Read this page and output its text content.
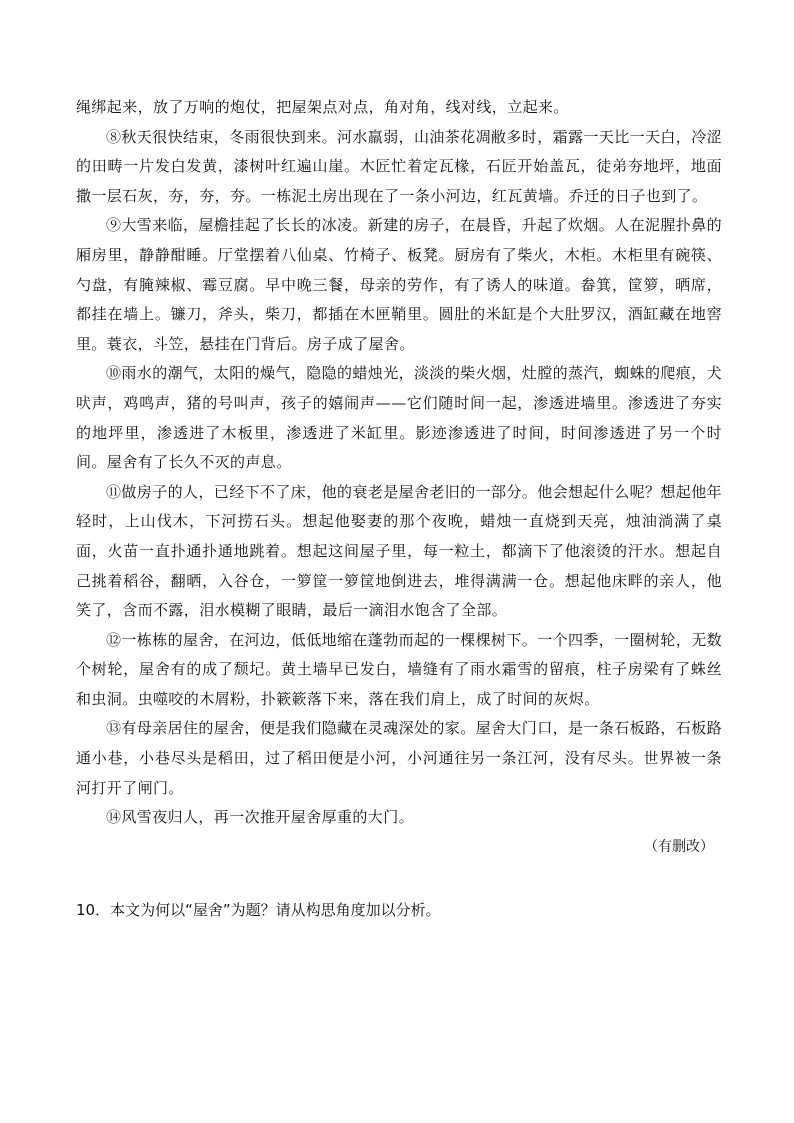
绳绑起来，放了万响的炮仗，把屋架点对点，角对角，线对线，立起来。

⑧秋天很快结束，冬雨很快到来。河水羸弱，山油茶花凋敝多时，霜露一天比一天白，冷涩的田畴一片发白发黄，漆树叶红遍山崖。木匠忙着定瓦椽，石匠开始盖瓦，徒弟夯地坪，地面撒一层石灰，夯，夯，夯。一栋泥土房出现在了一条小河边，红瓦黄墙。乔迁的日子也到了。

⑨大雪来临，屋檐挂起了长长的冰凌。新建的房子，在晨昏，升起了炊烟。人在泥腥扑鼻的厢房里，静静酣睡。厅堂摆着八仙桌、竹椅子、板凳。厨房有了柴火，木柜。木柜里有碗筷、勺盘，有腌辣椒、霉豆腐。早中晚三餐，母亲的劳作，有了诱人的味道。畚箕，筐箩，晒席，都挂在墙上。镰刀，斧头，柴刀，都插在木匣鞘里。圆肚的米缸是个大肚罗汉，酒缸藏在地窖里。蓑衣，斗笠，悬挂在门背后。房子成了屋舍。

⑩雨水的潮气，太阳的燥气，隐隐的蜡烛光，淡淡的柴火烟，灶膛的蒸汽，蜘蛛的爬痕，犬吠声，鸡鸣声，猪的号叫声，孩子的嬉闹声——它们随时间一起，渗透进墙里。渗透进了夯实的地坪里，渗透进了木板里，渗透进了米缸里。影迹渗透进了时间，时间渗透进了另一个时间。屋舍有了长久不灭的声息。

⑪做房子的人，已经下不了床，他的衰老是屋舍老旧的一部分。他会想起什么呢？想起他年轻时，上山伐木，下河捞石头。想起他娶妻的那个夜晚，蜡烛一直烧到天亮，烛油淌满了桌面，火苗一直扑通扑通地跳着。想起这间屋子里，每一粒土，都滴下了他滚烫的汗水。想起自己挑着稻谷，翻晒，入谷仓，一箩筐一箩筐地倒进去，堆得满满一仓。想起他床畔的亲人，他笑了，含而不露，泪水模糊了眼睛，最后一滴泪水饱含了全部。

⑫一栋栋的屋舍，在河边，低低地缩在蓬勃而起的一棵棵树下。一个四季，一圈树轮，无数个树轮，屋舍有的成了颓圮。黄土墙早已发白，墙缝有了雨水霜雪的留痕，柱子房梁有了蛛丝和虫洞。虫噬咬的木屑粉，扑簌簌落下来，落在我们肩上，成了时间的灰烬。

⑬有母亲居住的屋舍，便是我们隐藏在灵魂深处的家。屋舍大门口，是一条石板路，石板路通小巷，小巷尽头是稻田，过了稻田便是小河，小河通往另一条江河，没有尽头。世界被一条河打开了闸门。

⑭风雪夜归人，再一次推开屋舍厚重的大门。

（有删改）

10．本文为何以“屋舍”为题？请从构思角度加以分析。
